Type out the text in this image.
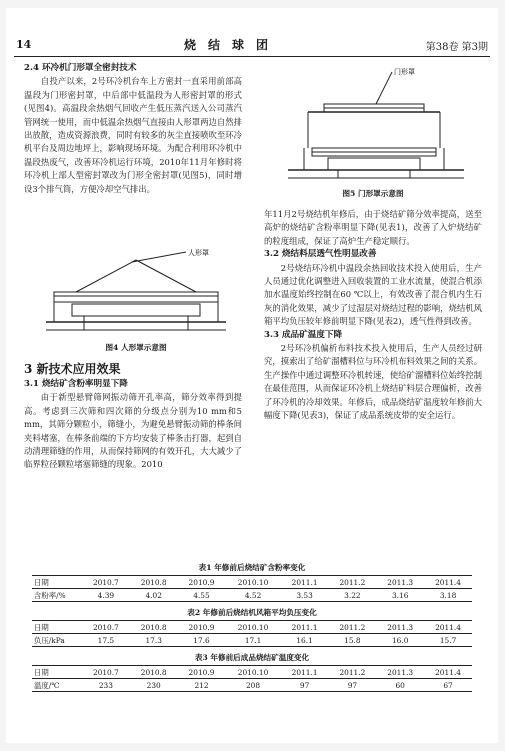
14	烧结球团	第38卷 第3期
2.4 环冷机门形罩全密封技术

自投产以来，2号环冷机台车上方密封一直采用前部高温段为门形密封罩，中后部中低温段为人形密封罩的形式(见图4)。高温段余热烟气回收产生低压蒸汽送入公司蒸汽管网统一使用，而中低温余热烟气直接由人形罩两边自然排出放散，造成资源浪费，同时有较多的灰尘直接喷吹至环冷机平台及周边地坪上，影响现场环境。为配合利用环冷机中温段热废气，改善环冷机运行环境，2010年11月年修时将环冷机上部人型密封罩改为门形全密封罩(见图5)，同时增设3个排气筒，方便冷却空气排出。

人形罩
图4 人形罩示意图
3 新技术应用效果
3.1 烧结矿含粉率明显下降

由于新型悬臂筛网振动筛开孔率高，筛分效率得到提高。考虑到三次筛和四次筛的分级点分别为10 mm和5 mm，其筛分颗粒小，筛缝小，为避免悬臂振动筛的棒条间夹料堵塞，在棒条前端的下方均安装了棒条击打器，起到自动清理筛缝的作用，从而保持筛网的有效开孔，大大减少了临界粒径颗粒堵塞筛缝的现象。2010

门形罩
图5 门形罩示意图

年11月2号烧结机年修后，由于烧结矿筛分效率提高，送至高炉的烧结矿含粉率明显下降(见表1)，改善了入炉烧结矿的粒度组成，保证了高炉生产稳定顺行。

3.2 烧结料层透气性明显改善

2号烧结环冷机中温段余热回收技术投入使用后，生产人员通过优化调整进入回收装置的工业水流量，使混合机添加水温度始终控制在60 ℃以上，有效改善了混合机内生石灰的消化效果，减少了过湿层对烧结过程的影响，烧结机风箱平均负压较年修前明显下降(见表2)，透气性得到改善。

3.3 成品矿温度下降

2号环冷机偏析布料技术投入使用后，生产人员经过研究，摸索出了给矿溜槽料位与环冷机布料效果之间的关系。生产操作中通过调整环冷机转速，使给矿溜槽料位始终控制在最佳范围，从而保证环冷机上烧结矿料层合理偏析，改善了环冷机的冷却效果。年修后，成品烧结矿温度较年修前大幅度下降(见表3)，保证了成品系统皮带的安全运行。

表1 年修前后烧结矿含粉率变化
日期	2010.7	2010.8	2010.9	2010.10	2011.1	2011.2	2011.3	2011.4
含粉率/%	4.39	4.02	4.55	4.52	3.53	3.22	3.16	3.18
表2 年修前后烧结机风箱平均负压变化
日期	2010.7	2010.8	2010.9	2010.10	2011.1	2011.2	2011.3	2011.4
负压/kPa	17.5	17.3	17.6	17.1	16.1	15.8	16.0	15.7
表3 年修前后成品烧结矿温度变化
日期	2010.7	2010.8	2010.9	2010.10	2011.1	2011.2	2011.3	2011.4
温度/℃	233	230	212	208	97	97	60	67
